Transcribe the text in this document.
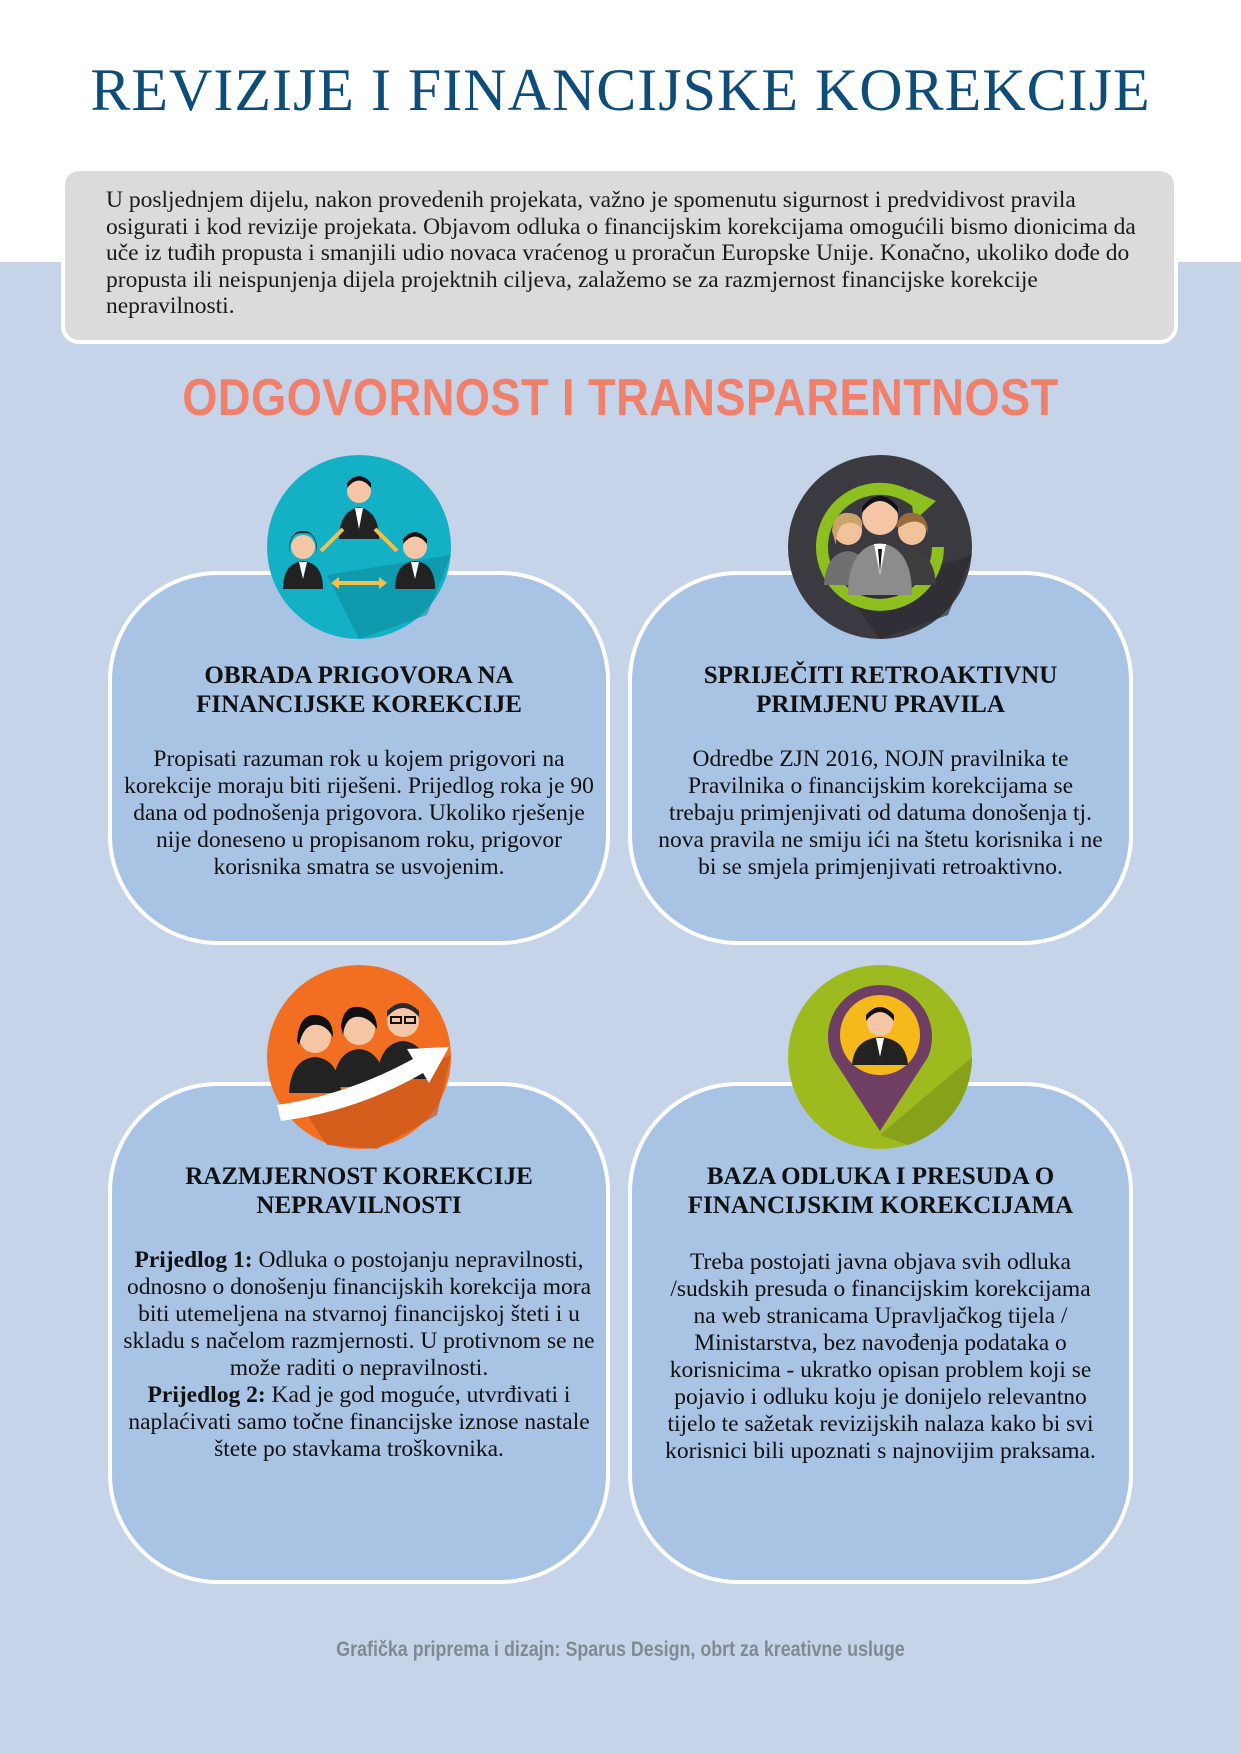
REVIZIJE I FINANCIJSKE KOREKCIJE
U posljednjem dijelu, nakon provedenih projekata, važno je spomenutu sigurnost i predvidivost pravila osigurati i kod revizije projekata. Objavom odluka o financijskim korekcijama omogućili bismo dionicima da uče iz tuđih propusta i smanjili udio novaca vraćenog u proračun Europske Unije. Konačno, ukoliko dođe do propusta ili neispunjenja dijela projektnih ciljeva, zalažemo se za razmjernost financijske korekcije nepravilnosti.
ODGOVORNOST I TRANSPARENTNOST
OBRADA PRIGOVORA NA
FINANCIJSKE KOREKCIJE
Propisati razuman rok u kojem prigovori na korekcije moraju biti riješeni. Prijedlog roka je 90 dana od podnošenja prigovora. Ukoliko rješenje nije doneseno u propisanom roku, prigovor korisnika smatra se usvojenim.
SPRIJEČITI RETROAKTIVNU
PRIMJENU PRAVILA
Odredbe ZJN 2016, NOJN pravilnika te Pravilnika o financijskim korekcijama se trebaju primjenjivati od datuma donošenja tj. nova pravila ne smiju ići na štetu korisnika i ne bi se smjela primjenjivati retroaktivno.
RAZMJERNOST KOREKCIJE
NEPRAVILNOSTI
Prijedlog 1: Odluka o postojanju nepravilnosti, odnosno o donošenju financijskih korekcija mora biti utemeljena na stvarnoj financijskoj šteti i u skladu s načelom razmjernosti. U protivnom se ne može raditi o nepravilnosti.
Prijedlog 2: Kad je god moguće, utvrđivati i naplaćivati samo točne financijske iznose nastale štete po stavkama troškovnika.
BAZA ODLUKA I PRESUDA O
FINANCIJSKIM KOREKCIJAMA
Treba postojati javna objava svih odluka /sudskih presuda o financijskim korekcijama na web stranicama Upravljačkog tijela / Ministarstva, bez navođenja podataka o korisnicima - ukratko opisan problem koji se pojavio i odluku koju je donijelo relevantno tijelo te sažetak revizijskih nalaza kako bi svi korisnici bili upoznati s najnovijim praksama.
Grafička priprema i dizajn: Sparus Design, obrt za kreativne usluge
